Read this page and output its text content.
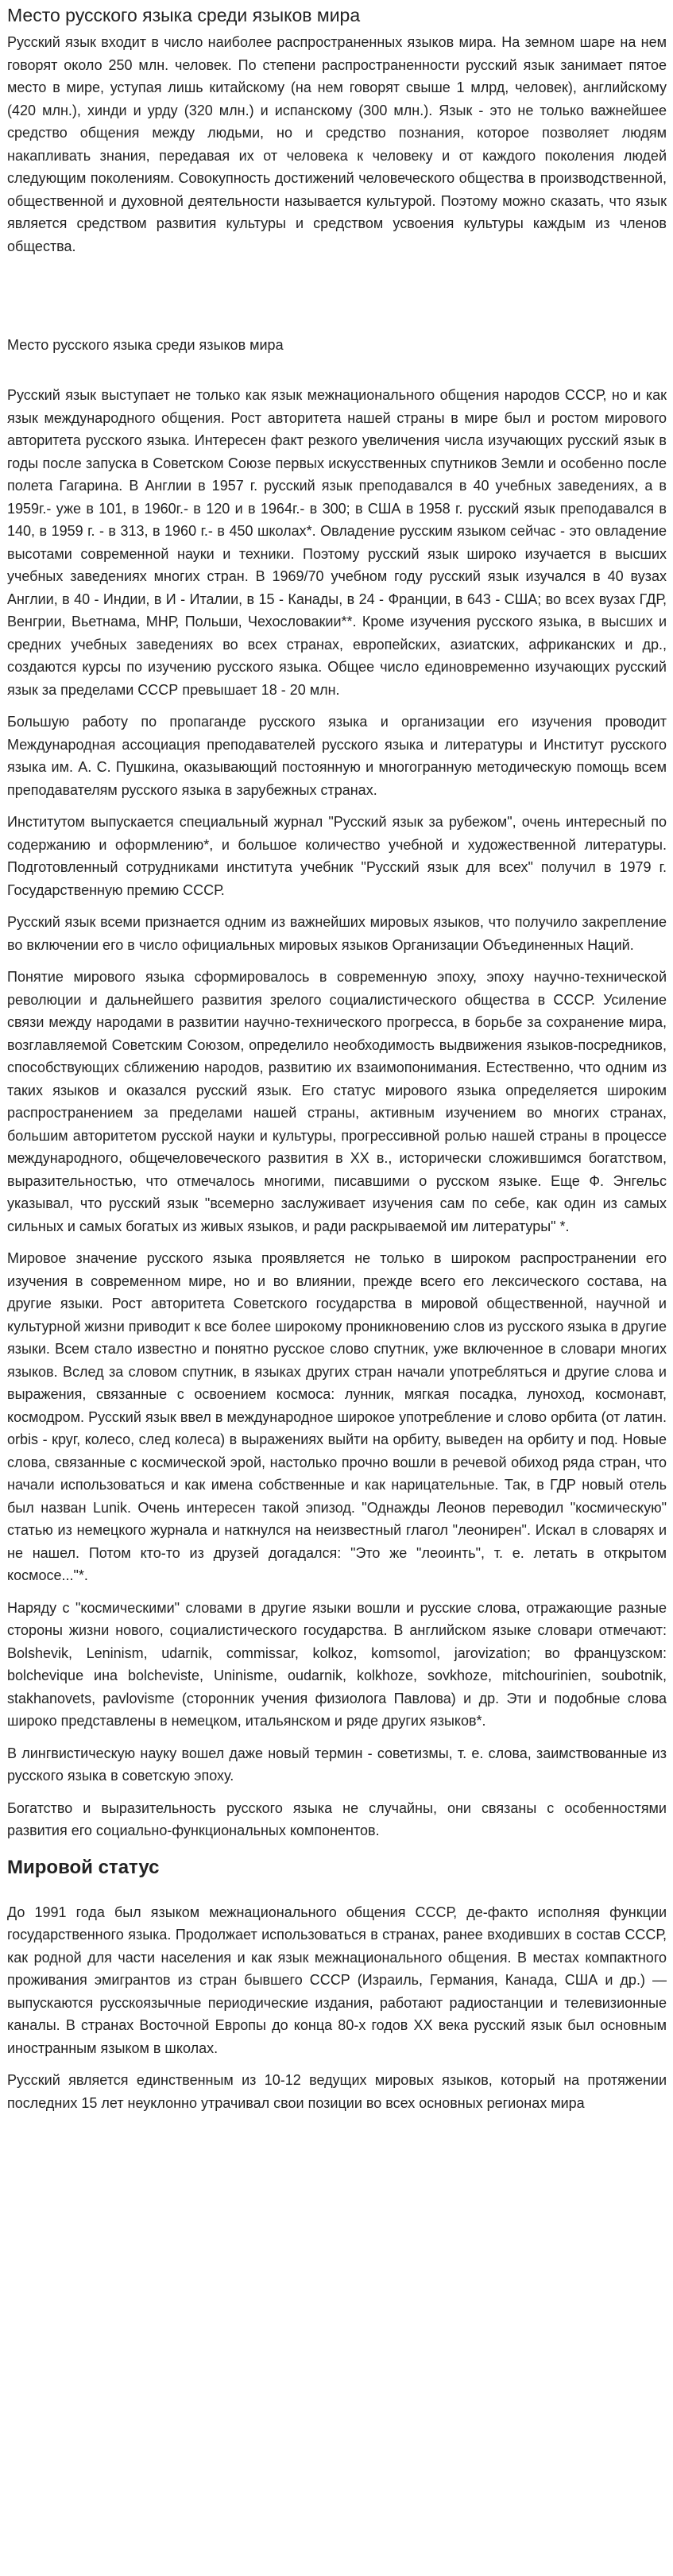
Место русского языка среди языков мира

Русский язык входит в число наиболее распространенных языков мира. На земном шаре на нем говорят около 250 млн. человек. По степени распространенности русский язык занимает пятое место в мире, уступая лишь китайскому (на нем говорят свыше 1 млрд, человек), английскому (420 млн.), хинди и урду (320 млн.) и испанскому (300 млн.). Язык - это не только важнейшее средство общения между людьми, но и средство познания, которое позволяет людям накапливать знания, передавая их от человека к человеку и от каждого поколения людей следующим поколениям. Совокупность достижений человеческого общества в производственной, общественной и духовной деятельности называется культурой. Поэтому можно сказать, что язык является средством развития культуры и средством усвоения культуры каждым из членов общества.

Место русского языка среди языков мира

Русский язык выступает не только как язык межнационального общения народов СССР, но и как язык международного общения. Рост авторитета нашей страны в мире был и ростом мирового авторитета русского языка. Интересен факт резкого увеличения числа изучающих русский язык в годы после запуска в Советском Союзе первых искусственных спутников Земли и особенно после полета Гагарина. В Англии в 1957 г. русский язык преподавался в 40 учебных заведениях, а в 1959г.- уже в 101, в 1960г.- в 120 и в 1964г.- в 300; в США в 1958 г. русский язык преподавался в 140, в 1959 г. - в 313, в 1960 г.- в 450 школах*. Овладение русским языком сейчас - это овладение высотами современной науки и техники. Поэтому русский язык широко изучается в высших учебных заведениях многих стран. В 1969/70 учебном году русский язык изучался в 40 вузах Англии, в 40 - Индии, в И - Италии, в 15 - Канады, в 24 - Франции, в 643 - США; во всех вузах ГДР, Венгрии, Вьетнама, МНР, Польши, Чехословакии**. Кроме изучения русского языка, в высших и средних учебных заведениях во всех странах, европейских, азиатских, африканских и др., создаются курсы по изучению русского языка. Общее число единовременно изучающих русский язык за пределами СССР превышает 18 - 20 млн.

Большую работу по пропаганде русского языка и организации его изучения проводит Международная ассоциация преподавателей русского языка и литературы и Институт русского языка им. А. С. Пушкина, оказывающий постоянную и многогранную методическую помощь всем преподавателям русского языка в зарубежных странах.

Институтом выпускается специальный журнал "Русский язык за рубежом", очень интересный по содержанию и оформлению*, и большое количество учебной и художественной литературы. Подготовленный сотрудниками института учебник "Русский язык для всех" получил в 1979 г. Государственную премию СССР.

Русский язык всеми признается одним из важнейших мировых языков, что получило закрепление во включении его в число официальных мировых языков Организации Объединенных Наций.

Понятие мирового языка сформировалось в современную эпоху, эпоху научно-технической революции и дальнейшего развития зрелого социалистического общества в СССР. Усиление связи между народами в развитии научно-технического прогресса, в борьбе за сохранение мира, возглавляемой Советским Союзом, определило необходимость выдвижения языков-посредников, способствующих сближению народов, развитию их взаимопонимания. Естественно, что одним из таких языков и оказался русский язык. Его статус мирового языка определяется широким распространением за пределами нашей страны, активным изучением во многих странах, большим авторитетом русской науки и культуры, прогрессивной ролью нашей страны в процессе международного, общечеловеческого развития в XX в., исторически сложившимся богатством, выразительностью, что отмечалось многими, писавшими о русском языке. Еще Ф. Энгельс указывал, что русский язык "всемерно заслуживает изучения сам по себе, как один из самых сильных и самых богатых из живых языков, и ради раскрываемой им литературы" *.

Мировое значение русского языка проявляется не только в широком распространении его изучения в современном мире, но и во влиянии, прежде всего его лексического состава, на другие языки. Рост авторитета Советского государства в мировой общественной, научной и культурной жизни приводит к все более широкому проникновению слов из русского языка в другие языки. Всем стало известно и понятно русское слово спутник, уже включенное в словари многих языков. Вслед за словом спутник, в языках других стран начали употребляться и другие слова и выражения, связанные с освоением космоса: лунник, мягкая посадка, луноход, космонавт, космодром. Русский язык ввел в международное широкое употребление и слово орбита (от латин. orbis - круг, колесо, след колеса) в выражениях выйти на орбиту, выведен на орбиту и под. Новые слова, связанные с космической эрой, настолько прочно вошли в речевой обиход ряда стран, что начали использоваться и как имена собственные и как нарицательные. Так, в ГДР новый отель был назван Lunik. Очень интересен такой эпизод. "Однажды Леонов переводил "космическую" статью из немецкого журнала и наткнулся на неизвестный глагол "леониpeн". Искал в словарях и не нашел. Потом кто-то из друзей догадался: "Это же "леоинть", т. е. летать в открытом космосе..."*.

Наряду с "космическими" словами в другие языки вошли и русские слова, отражающие разные стороны жизни нового, социалистического государства. В английском языке словари отмечают: Bolshevik, Leninism, udarnik, commissar, kolkoz, komsomol, jarovization; во французском: bolchevique ина bolcheviste, Uninisme, oudarnik, kolkhoze, sovkhoze, mitchourinien, soubotnik, stakhanovets, pavlovisme (сторонник учения физиолога Павлова) и др. Эти и подобные слова широко представлены в немецком, итальянском и ряде других языков*.

В лингвистическую науку вошел даже новый термин - советизмы, т. е. слова, заимствованные из русского языка в советскую эпоху.

Богатство и выразительность русского языка не случайны, они связаны с особенностями развития его социально-функциональных компонентов.

Мировой статус

До 1991 года был языком межнационального общения СССР, де-факто исполняя функции государственного языка. Продолжает использоваться в странах, ранее входивших в состав СССР, как родной для части населения и как язык межнационального общения. В местах компактного проживания эмигрантов из стран бывшего СССР (Израиль, Германия, Канада, США и др.) — выпускаются русскоязычные периодические издания, работают радиостанции и телевизионные каналы. В странах Восточной Европы до конца 80-х годов XX века русский язык был основным иностранным языком в школах.

Русский является единственным из 10-12 ведущих мировых языков, который на протяжении последних 15 лет неуклонно утрачивал свои позиции во всех основных регионах мира
